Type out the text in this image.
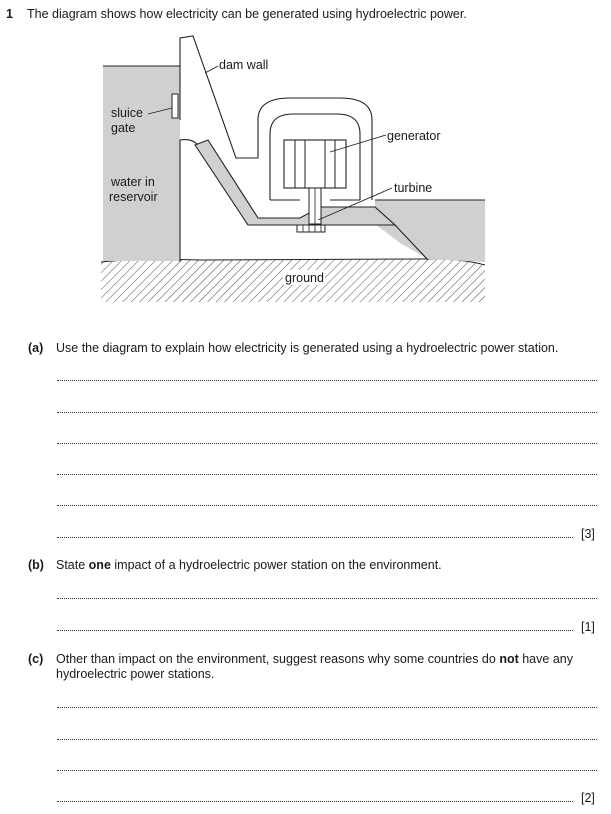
1 The diagram shows how electricity can be generated using hydroelectric power.
dam wall
sluice
gate
generator
water in
reservoir
turbine
ground
(a) Use the diagram to explain how electricity is generated using a hydroelectric power station.
[3]
(b) State one impact of a hydroelectric power station on the environment.
[1]
(c) Other than impact on the environment, suggest reasons why some countries do not have any
hydroelectric power stations.
[2]
